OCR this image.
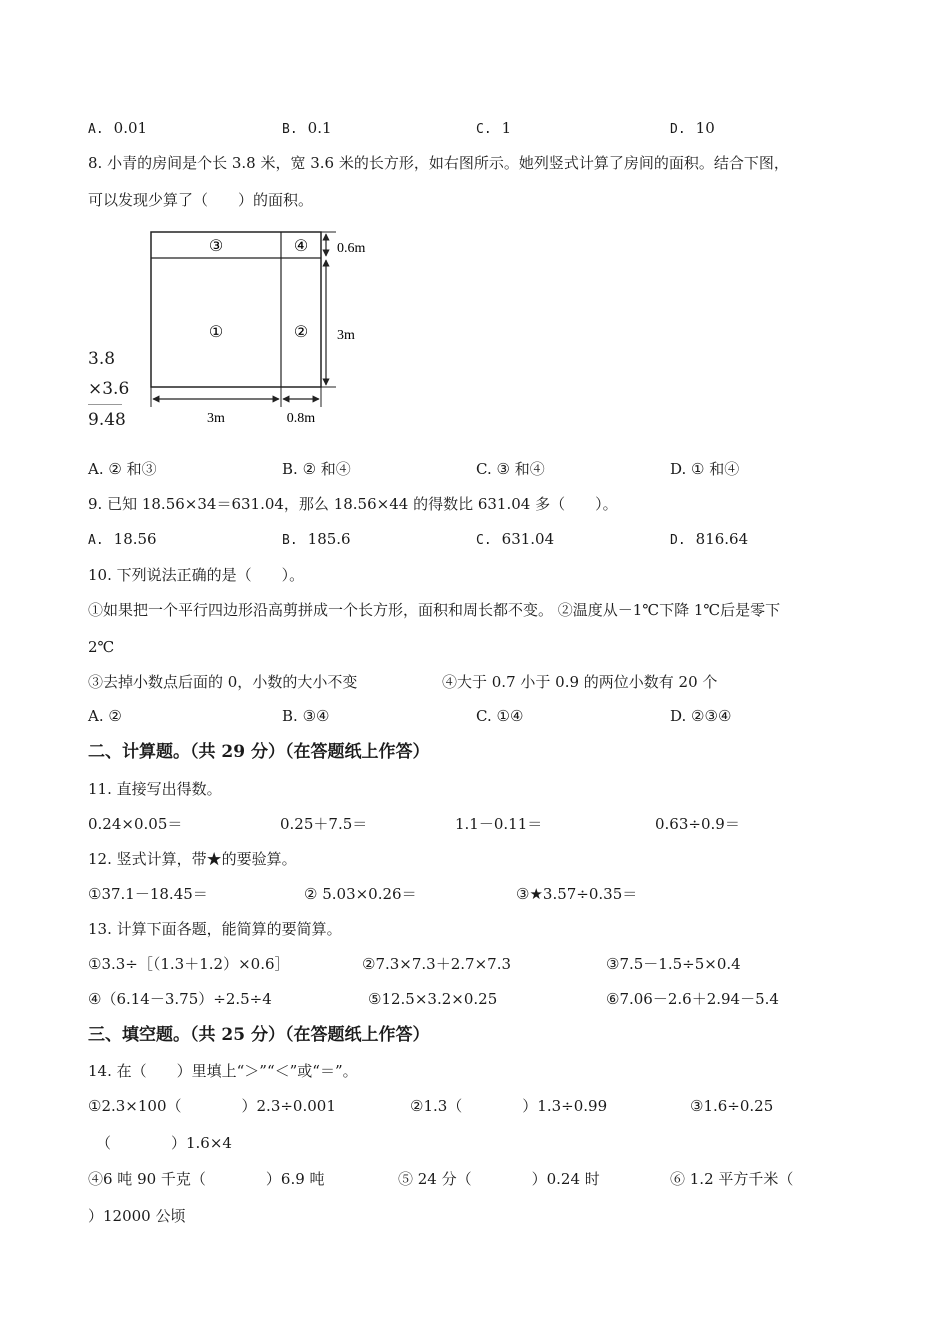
A. 0.01	B. 0.1	C. 1	D. 10
8. 小青的房间是个长 3.8 米，宽 3.6 米的长方形，如右图所示。她列竖式计算了房间的面积。结合下图，
可以发现少算了（　　）的面积。
3.8
×3.6
9.48
③	④
①	②
0.6m
3m
3m	0.8m
A. ② 和③	B. ② 和④	C. ③ 和④	D. ① 和④
9. 已知 18.56×34＝631.04，那么 18.56×44 的得数比 631.04 多（　　）。
A. 18.56	B. 185.6	C. 631.04	D. 816.64
10. 下列说法正确的是（　　）。
①如果把一个平行四边形沿高剪拼成一个长方形，面积和周长都不变。 ②温度从－1℃下降 1℃后是零下
2℃
③去掉小数点后面的 0，小数的大小不变	④大于 0.7 小于 0.9 的两位小数有 20 个
A. ②	B. ③④	C. ①④	D. ②③④
二、计算题。（共 29 分）（在答题纸上作答）
11. 直接写出得数。
0.24×0.05＝	0.25＋7.5＝	1.1－0.11＝	0.63÷0.9＝
12. 竖式计算，带★的要验算。
①37.1－18.45＝	② 5.03×0.26＝	③★3.57÷0.35＝
13. 计算下面各题，能简算的要简算。
①3.3÷［（1.3＋1.2）×0.6］	②7.3×7.3＋2.7×7.3	③7.5－1.5÷5×0.4
④（6.14－3.75）÷2.5÷4	⑤12.5×3.2×0.25	⑥7.06－2.6＋2.94－5.4
三、填空题。（共 25 分）（在答题纸上作答）
14. 在（　　）里填上“＞”“＜”或“＝”。
①2.3×100（　　　　）2.3÷0.001	②1.3（　　　　）1.3÷0.99	③1.6÷0.25
（　　　　）1.6×4
④6 吨 90 千克（　　　　）6.9 吨	⑤ 24 分（　　　　）0.24 时	⑥ 1.2 平方千米（
）12000 公顷
